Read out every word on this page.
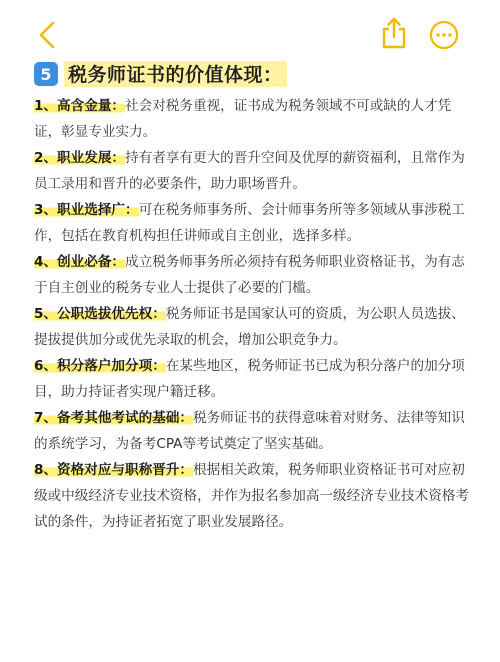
5 税务师证书的价值体现：
1、高含金量：社会对税务重视，证书成为税务领域不可或缺的人才凭证，彰显专业实力。
2、职业发展：持有者享有更大的晋升空间及优厚的薪资福利，且常作为员工录用和晋升的必要条件，助力职场晋升。
3、职业选择广：可在税务师事务所、会计师事务所等多领域从事涉税工作，包括在教育机构担任讲师或自主创业，选择多样。
4、创业必备：成立税务师事务所必须持有税务师职业资格证书，为有志于自主创业的税务专业人士提供了必要的门槛。
5、公职选拔优先权：税务师证书是国家认可的资质，为公职人员选拔、提拔提供加分或优先录取的机会，增加公职竞争力。
6、积分落户加分项：在某些地区，税务师证书已成为积分落户的加分项目，助力持证者实现户籍迁移。
7、备考其他考试的基础：税务师证书的获得意味着对财务、法律等知识的系统学习，为备考CPA等考试奠定了坚实基础。
8、资格对应与职称晋升：根据相关政策，税务师职业资格证书可对应初级或中级经济专业技术资格，并作为报名参加高一级经济专业技术资格考试的条件，为持证者拓宽了职业发展路径。
